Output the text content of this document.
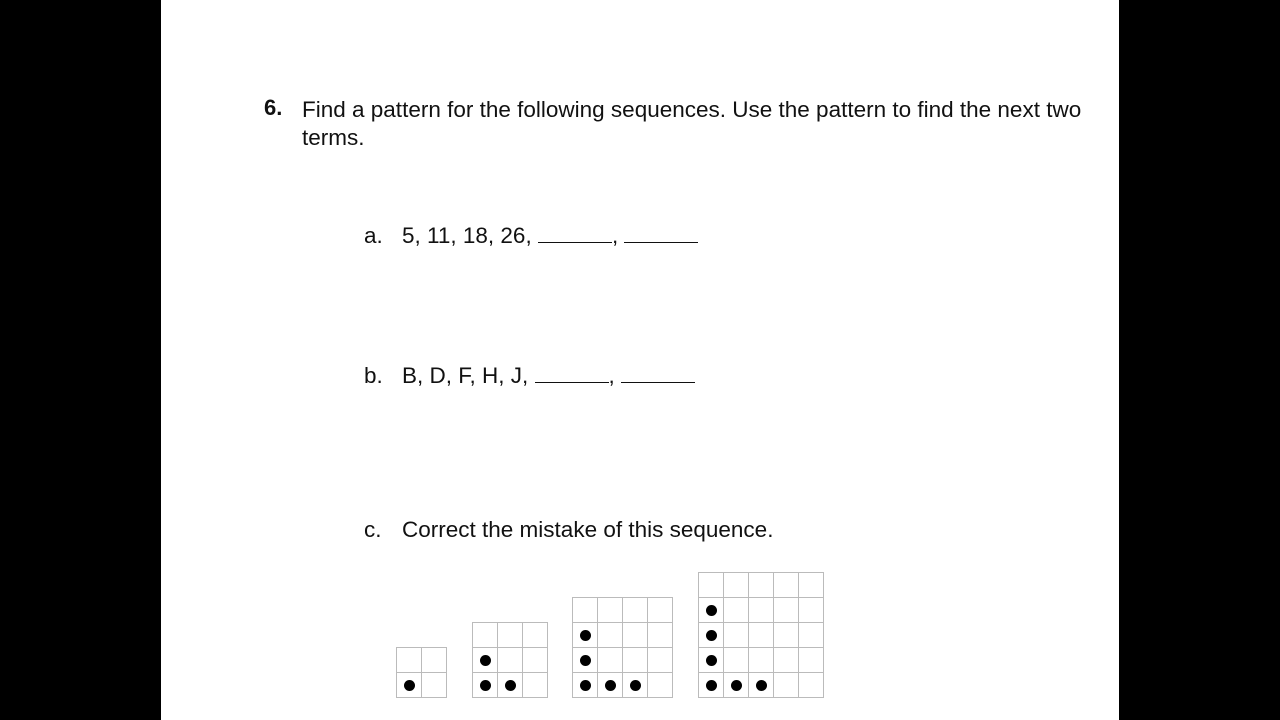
6. Find a pattern for the following sequences. Use the pattern to find the next two terms.

a. 5, 11, 18, 26,	,

b. B, D, F, H, J,	,

c. Correct the mistake of this sequence.
